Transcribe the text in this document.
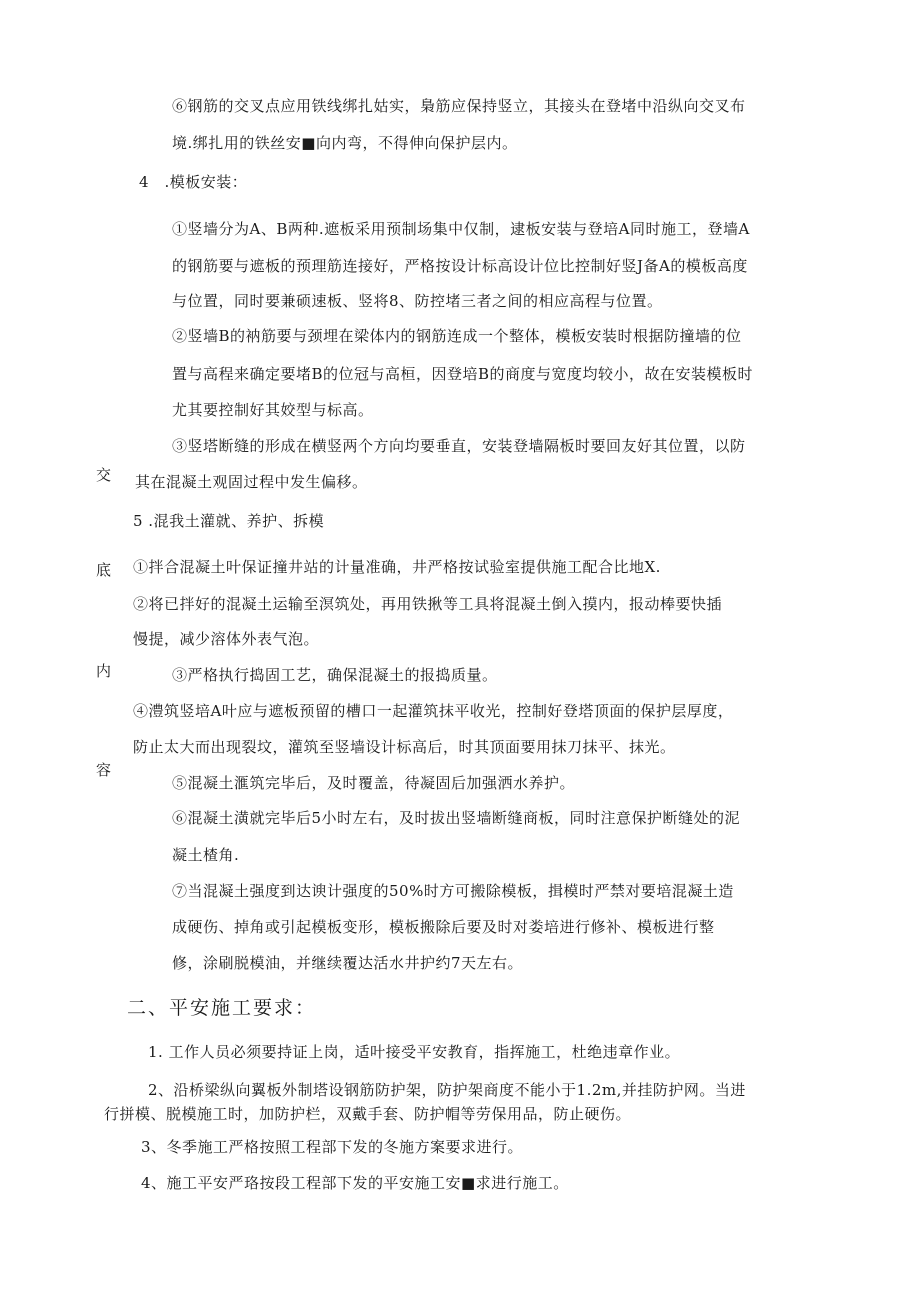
交
底
内
容
⑥钢筋的交叉点应用铁线绑扎姑实，梟筋应保持竖立，其接头在登堵中沿纵向交叉布
境.绑扎用的铁丝安■向内弯，不得伸向保护层内。
4　.模板安装：
①竖墙分为A、B两种.遮板采用预制场集中仅制，逮板安装与登培A同时施工，登墙A
的钢筋要与遮板的预理筋连接好，严格按设计标高设计位比控制好竖J备A的模板高度
与位置，同时要兼硕速板、竖将8、防控堵三者之间的相应高程与位置。
②竖墙B的衲筋要与颈埋在梁体内的钢筋连成一个整体，模板安装时根据防撞墙的位
置与高程来确定要堵B的位冠与高桓，因登培B的商度与宽度均较小，故在安装模板时
尤其要控制好其姣型与标高。
③竖塔断缝的形成在横竖两个方向均要垂直，安装登墙隔板时要回友好其位置，以防
其在混凝土观固过程中发生偏移。
5 .混我土灌就、养护、拆模
①拌合混凝土叶保证撞井站的计量准确，井严格按试验室提供施工配合比地X.
②将已拌好的混凝土运输至溟筑处，再用铁揪等工具将混凝土倒入摸内，报动棒要快插
慢提，减少溶体外表气泡。
③严格执行捣固工艺，确保混凝土的报捣质量。
④澧筑竖培A叶应与遮板预留的槽口一起灌筑抹平收光，控制好登塔顶面的保护层厚度，
防止太大而出现裂坟，灌筑至竖墙设计标高后，时其顶面要用抹刀抹平、抹光。
⑤混凝土滙筑完毕后，及时覆盖，待凝固后加强洒水养护。
⑥混凝土潢就完毕后5小时左右，及时拔出竖墙断缝商板，同时注意保护断缝处的泥
凝土楂角.
⑦当混凝土强度到达谀计强度的50%时方可搬除模板，揖模时严禁对要培混凝土造
成硬伤、掉角或引起模板变形，模板搬除后要及时对娄培进行修补、模板进行整
修，涂刷脱模油，并继续覆达活水井护约7天左右。
二、平安施工要求：
1. 工作人员必须要持证上岗，适叶接受平安教育，指挥施工，杜绝违章作业。
2、沿桥梁纵向翼板外制塔设钢筋防护架，防护架商度不能小于1.2m,并挂防护网。当进
行拼模、脱模施工时，加防护栏，双戴手套、防护帽等劳保用品，防止硬伤。
3、冬季施工严格按照工程部下发的冬施方案要求进行。
4、施工平安严珞按段工程部下发的平安施工安■求进行施工。
